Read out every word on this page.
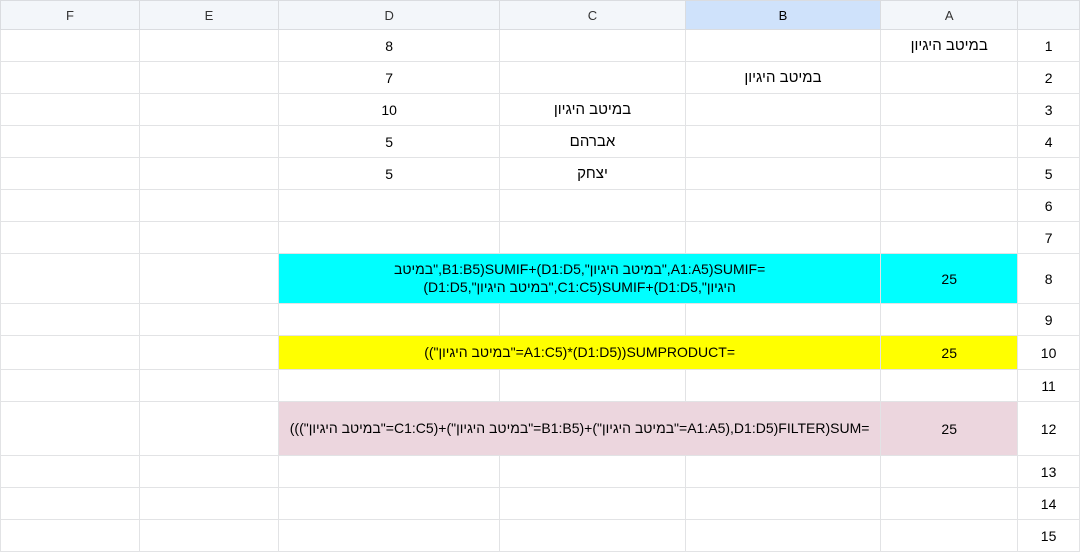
F	E	D	C	B	A	
		8			במיטב היגיון	1
		7		במיטב היגיון		2
		10	במיטב היגיון			3
		5	אברהם			4
		5	יצחק			5
						6
						7
		=SUMIF(A1:A5,"במיטב היגיון",D1:D5)+SUMIF(B1:B5,"במיטב היגיון",D1:D5)+SUMIF(C1:C5,"במיטב היגיון",D1:D5)			25	8
						9
		=SUMPRODUCT((D1:D5)*(A1:C5="במיטב היגיון"))			25	10
						11
		=SUM(FILTER(D1:D5,(A1:A5="במיטב היגיון")+(B1:B5="במיטב היגיון")+(C1:C5="במיטב היגיון")))			25	12
						13
						14
						15
